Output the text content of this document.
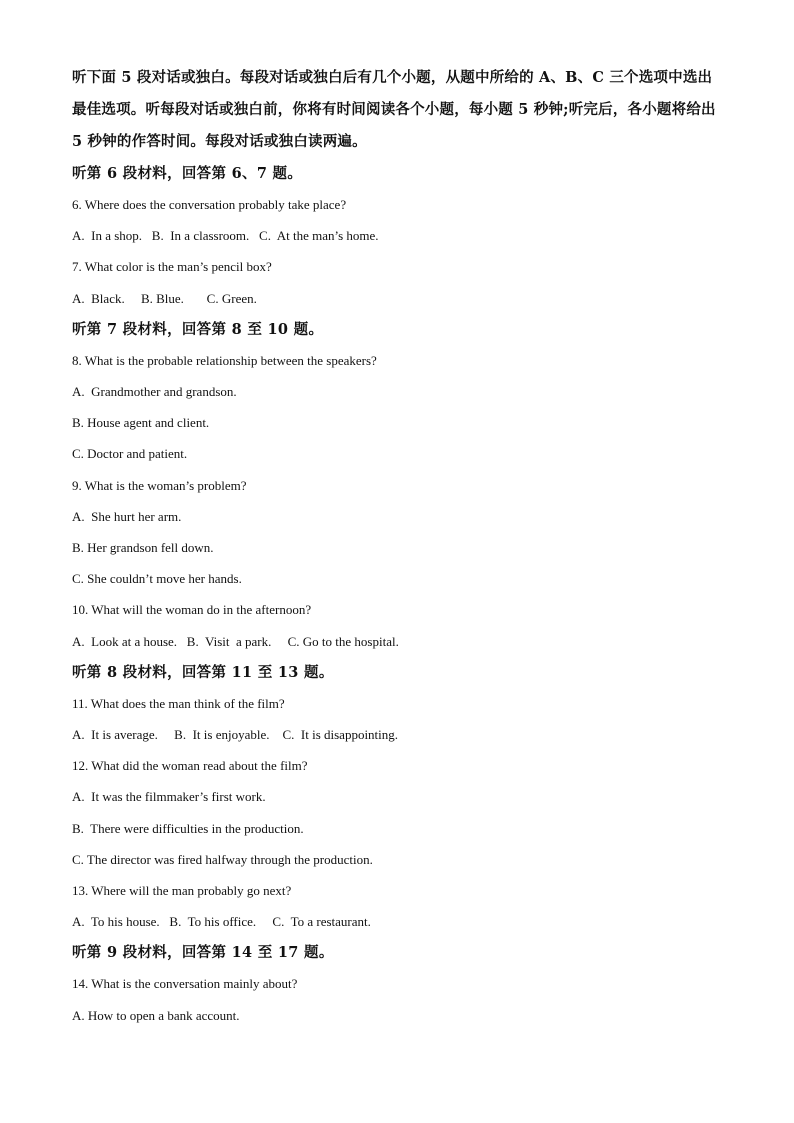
听下面 5 段对话或独白。每段对话或独白后有几个小题，从题中所给的 A、B、C 三个选项中选出最佳选项。听每段对话或独白前，你将有时间阅读各个小题，每小题 5 秒钟;听完后，各小题将给出 5 秒钟的作答时间。每段对话或独白读两遍。

听第 6 段材料，回答第 6、7 题。

6. Where does the conversation probably take place?

A.  In a shop.   B.  In a classroom.   C.  At the man’s home.

7. What color is the man’s pencil box?

A.  Black.     B. Blue.       C. Green.

听第 7 段材料，回答第 8 至 10 题。

8. What is the probable relationship between the speakers?

A.  Grandmother and grandson.

B. House agent and client.

C. Doctor and patient.

9. What is the woman’s problem?

A.  She hurt her arm.

B. Her grandson fell down.

C. She couldn’t move her hands.

10. What will the woman do in the afternoon?

A.  Look at a house.   B.  Visit  a park.     C. Go to the hospital.

听第 8 段材料，回答第 11 至 13 题。

11. What does the man think of the film?

A.  It is average.     B.  It is enjoyable.    C.  It is disappointing.

12. What did the woman read about the film?

A.  It was the filmmaker’s first work.

B.  There were difficulties in the production.

C. The director was fired halfway through the production.

13. Where will the man probably go next?

A.  To his house.   B.  To his office.     C.  To a restaurant.

听第 9 段材料，回答第 14 至 17 题。

14. What is the conversation mainly about?

A. How to open a bank account.
